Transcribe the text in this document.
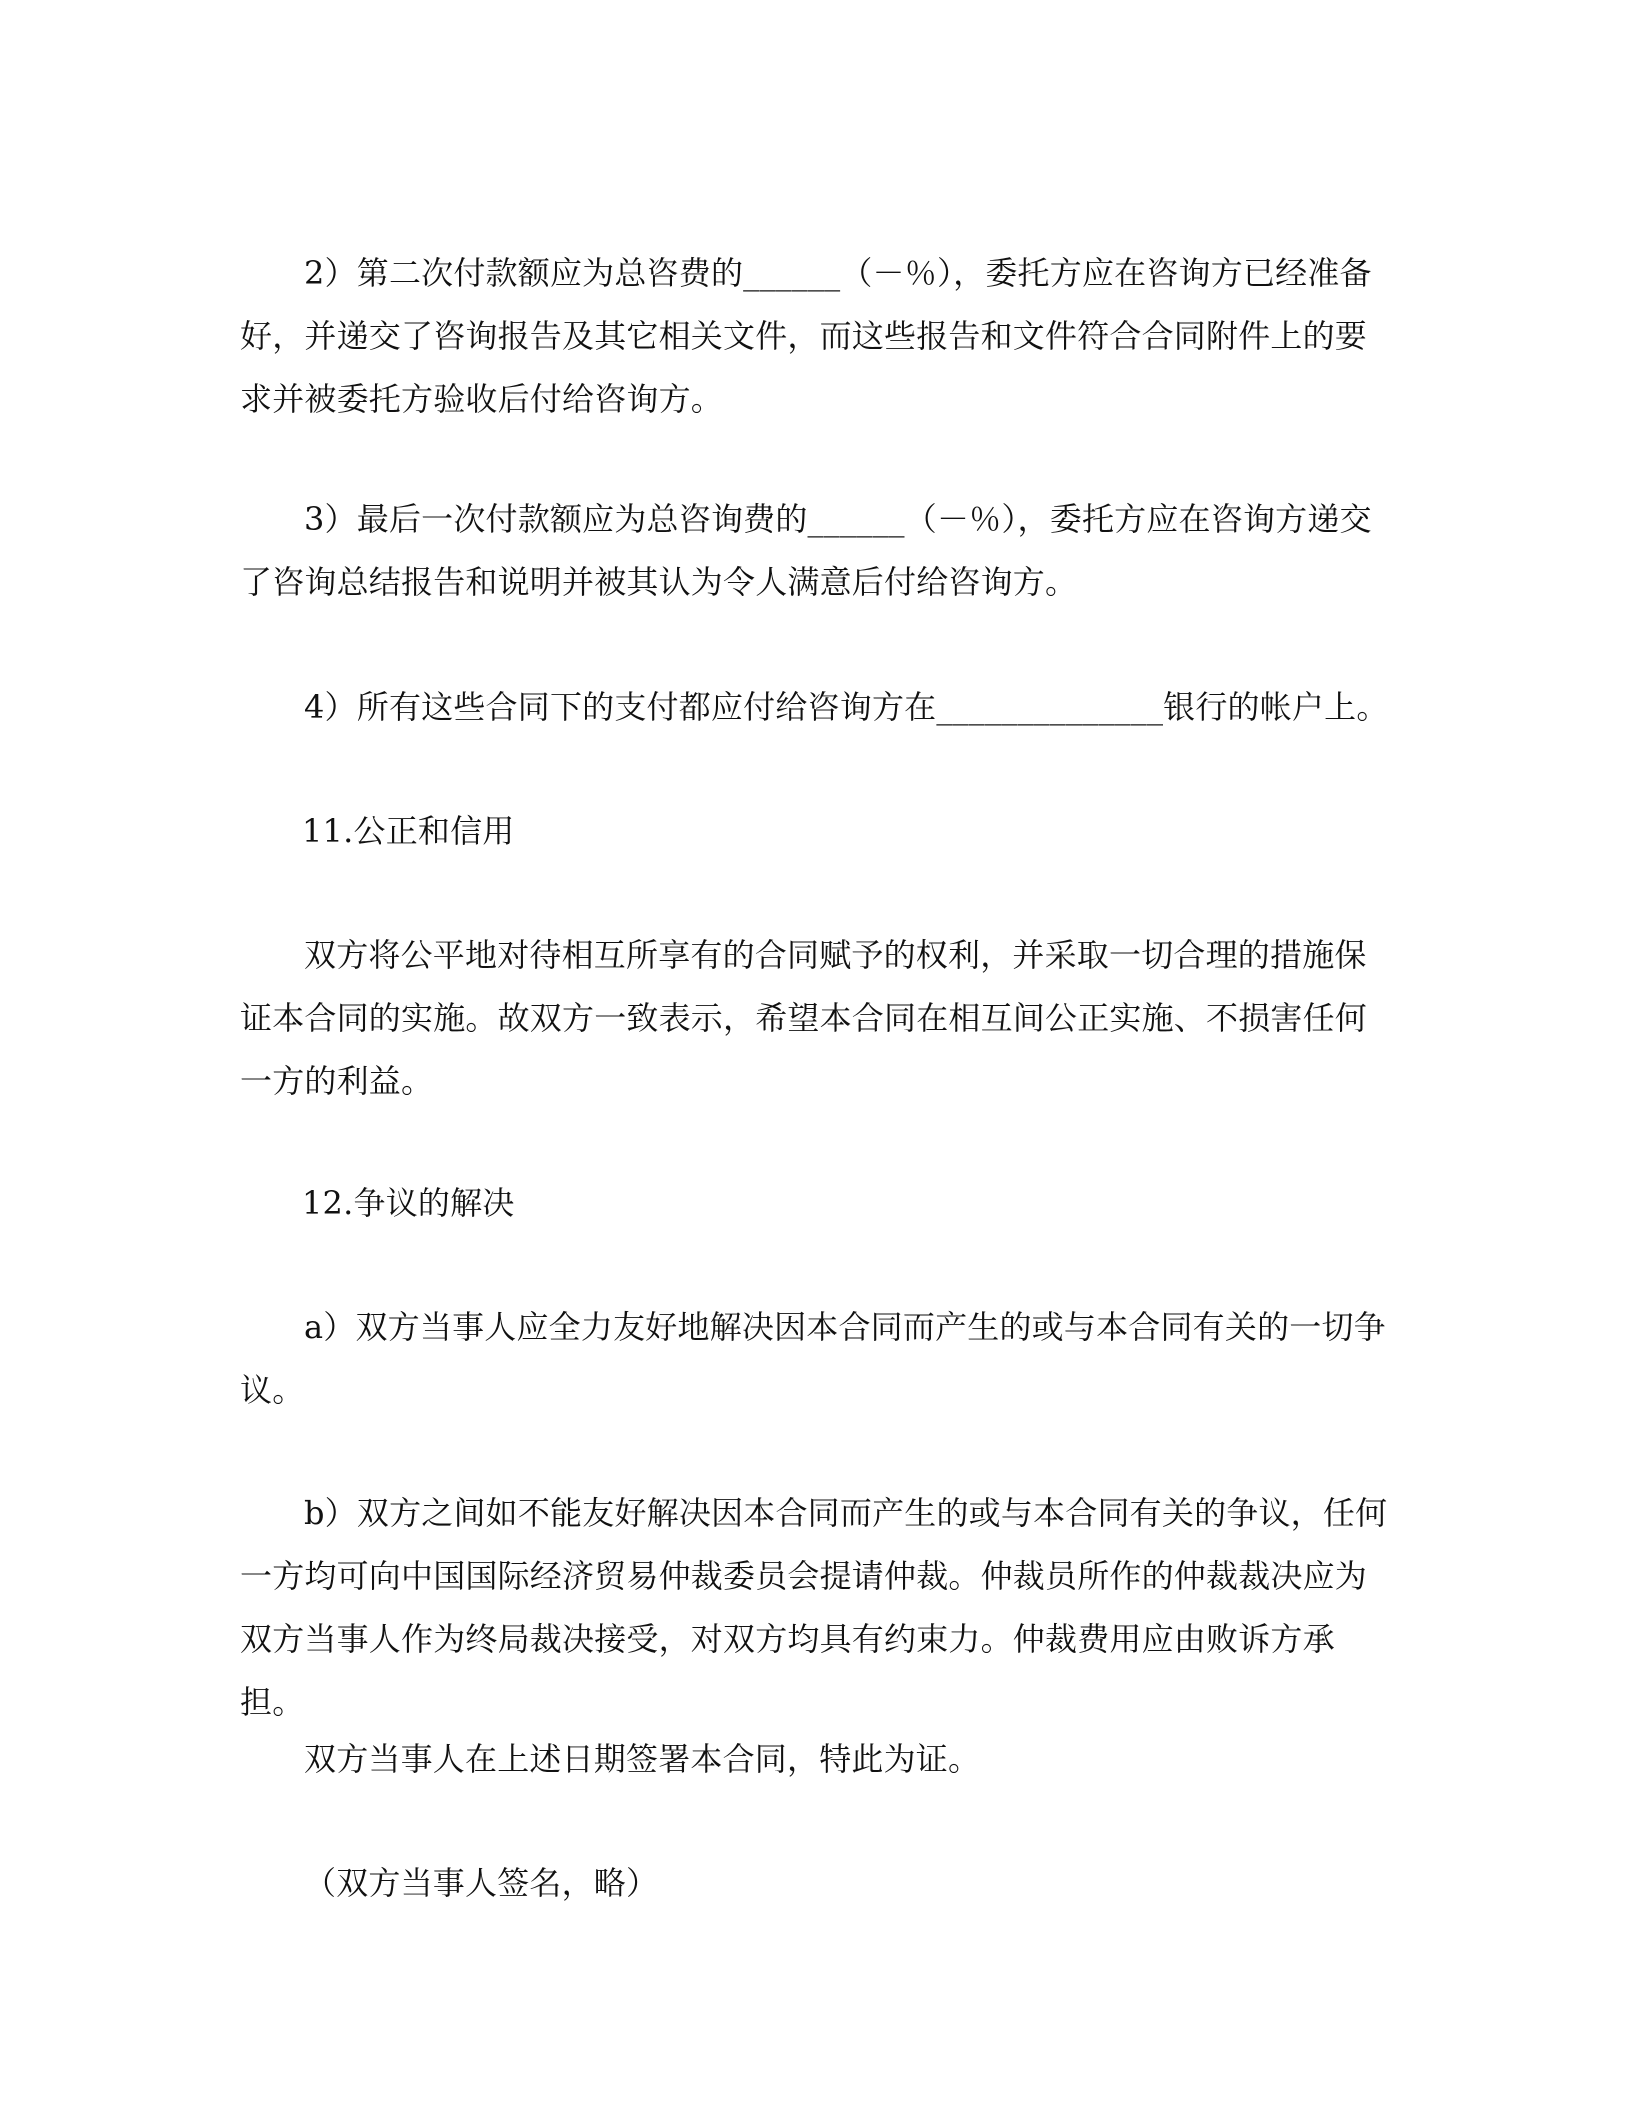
2）第二次付款额应为总咨费的______（－％），委托方应在咨询方已经准备好，并递交了咨询报告及其它相关文件，而这些报告和文件符合合同附件上的要求并被委托方验收后付给咨询方。

3）最后一次付款额应为总咨询费的______（－％），委托方应在咨询方递交了咨询总结报告和说明并被其认为令人满意后付给咨询方。

4）所有这些合同下的支付都应付给咨询方在______________银行的帐户上。

11.公正和信用

双方将公平地对待相互所享有的合同赋予的权利，并采取一切合理的措施保证本合同的实施。故双方一致表示，希望本合同在相互间公正实施、不损害任何一方的利益。

12.争议的解决

a）双方当事人应全力友好地解决因本合同而产生的或与本合同有关的一切争议。

b）双方之间如不能友好解决因本合同而产生的或与本合同有关的争议，任何一方均可向中国国际经济贸易仲裁委员会提请仲裁。仲裁员所作的仲裁裁决应为双方当事人作为终局裁决接受，对双方均具有约束力。仲裁费用应由败诉方承担。

双方当事人在上述日期签署本合同，特此为证。

（双方当事人签名，略）
